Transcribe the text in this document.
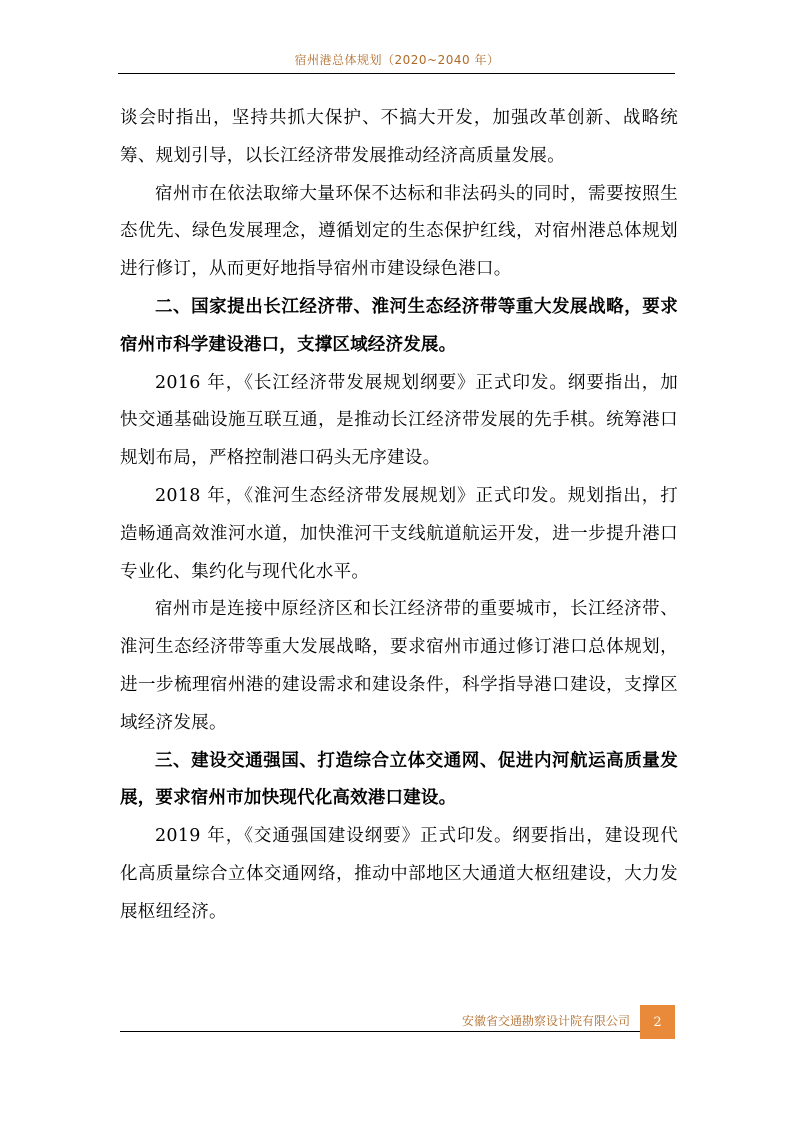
宿州港总体规划（2020~2040 年）

谈会时指出，坚持共抓大保护、不搞大开发，加强改革创新、战略统筹、规划引导，以长江经济带发展推动经济高质量发展。

宿州市在依法取缔大量环保不达标和非法码头的同时，需要按照生态优先、绿色发展理念，遵循划定的生态保护红线，对宿州港总体规划进行修订，从而更好地指导宿州市建设绿色港口。

二、国家提出长江经济带、淮河生态经济带等重大发展战略，要求宿州市科学建设港口，支撑区域经济发展。

2016 年，《长江经济带发展规划纲要》正式印发。纲要指出，加快交通基础设施互联互通，是推动长江经济带发展的先手棋。统筹港口规划布局，严格控制港口码头无序建设。

2018 年，《淮河生态经济带发展规划》正式印发。规划指出，打造畅通高效淮河水道，加快淮河干支线航道航运开发，进一步提升港口专业化、集约化与现代化水平。

宿州市是连接中原经济区和长江经济带的重要城市，长江经济带、淮河生态经济带等重大发展战略，要求宿州市通过修订港口总体规划，进一步梳理宿州港的建设需求和建设条件，科学指导港口建设，支撑区域经济发展。

三、建设交通强国、打造综合立体交通网、促进内河航运高质量发展，要求宿州市加快现代化高效港口建设。

2019 年，《交通强国建设纲要》正式印发。纲要指出，建设现代化高质量综合立体交通网络，推动中部地区大通道大枢纽建设，大力发展枢纽经济。

安徽省交通勘察设计院有限公司	2
